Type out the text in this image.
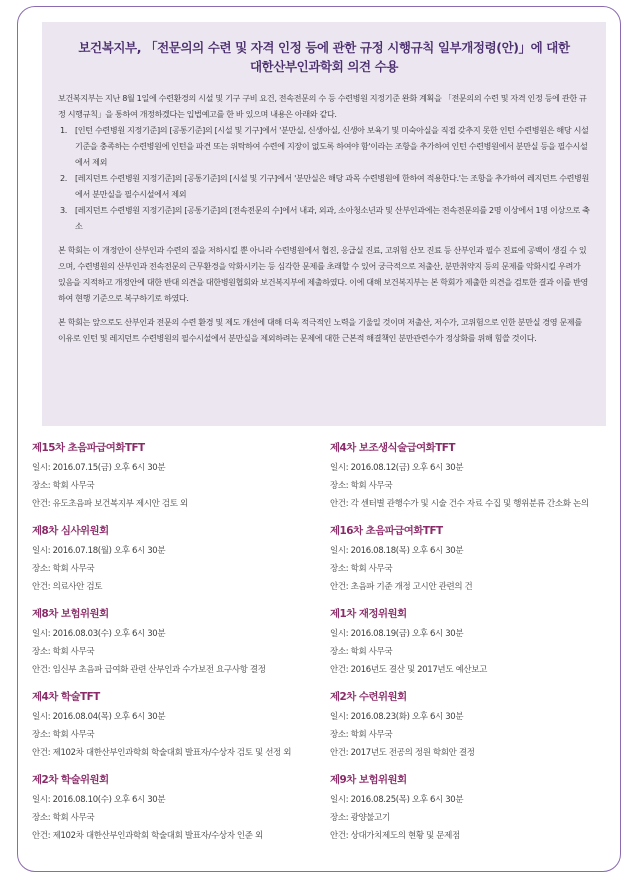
보건복지부, 「전문의의 수련 및 자격 인정 등에 관한 규정 시행규칙 일부개정령(안)」에 대한
대한산부인과학회 의견 수용

보건복지부는 지난 8월 1일에 수련환경의 시설 및 기구 구비 요건, 전속전문의 수 등 수련병원 지정기준 완화 계획을 「전문의의 수련 및 자격 인정 등에 관한 규정 시행규칙」을 통하여 개정하겠다는 입법예고를 한 바 있으며 내용은 아래와 같다.

1. [인턴 수련병원 지정기준]의 [공통기준]의 [시설 및 기구]에서 '분만실, 신생아실, 신생아 보육기 및 미숙아실을 직접 갖추지 못한 인턴 수련병원은 해당 시설기준을 충족하는 수련병원에 인턴을 파견 또는 위탁하여 수련에 지장이 없도록 하여야 함'이라는 조항을 추가하여 인턴 수련병원에서 분만실 등을 필수시설에서 제외
2. [레지던트 수련병원 지정기준]의 [공통기준]의 [시설 및 기구]에서 '분만실은 해당 과목 수련병원에 한하여 적용한다.'는 조항을 추가하여 레지던트 수련병원에서 분만실을 필수시설에서 제외
3. [레지던트 수련병원 지정기준]의 [공통기준]의 [전속전문의 수]에서 내과, 외과, 소아청소년과 및 산부인과에는 전속전문의를 2명 이상에서 1명 이상으로 축소

본 학회는 이 개정안이 산부인과 수련의 질을 저하시킬 뿐 아니라 수련병원에서 협진, 응급실 진료, 고위험 산모 진료 등 산부인과 필수 진료에 공백이 생길 수 있으며, 수련병원의 산부인과 전속전문의 근무환경을 악화시키는 등 심각한 문제를 초래할 수 있어 궁극적으로 저출산, 분만취약지 등의 문제를 악화시킬 우려가 있음을 지적하고 개정안에 대한 반대 의견을 대한병원협회와 보건복지부에 제출하였다. 이에 대해 보건복지부는 본 학회가 제출한 의견을 검토한 결과 이를 반영하여 현행 기준으로 복구하기로 하였다.

본 학회는 앞으로도 산부인과 전문의 수련 환경 및 제도 개선에 대해 더욱 적극적인 노력을 기울일 것이며 저출산, 저수가, 고위험으로 인한 분만실 경영 문제를 이유로 인턴 및 레지던트 수련병원의 필수시설에서 분만실을 제외하려는 문제에 대한 근본적 해결책인 분만관련수가 정상화를 위해 힘쓸 것이다.

제15차 초음파급여화TFT
일시: 2016.07.15(금) 오후 6시 30분
장소: 학회 사무국
안건: 유도초음파 보건복지부 제시안 검토 외
제8차 심사위원회
일시: 2016.07.18(월) 오후 6시 30분
장소: 학회 사무국
안건: 의료사안 검토
제8차 보험위원회
일시: 2016.08.03(수) 오후 6시 30분
장소: 학회 사무국
안건: 임신부 초음파 급여화 관련 산부인과 수가보전 요구사항 결정
제4차 학술TFT
일시: 2016.08.04(목) 오후 6시 30분
장소: 학회 사무국
안건: 제102차 대한산부인과학회 학술대회 발표자/수상자 검토 및 선정 외
제2차 학술위원회
일시: 2016.08.10(수) 오후 6시 30분
장소: 학회 사무국
안건: 제102차 대한산부인과학회 학술대회 발표자/수상자 인준 외
제4차 보조생식술급여화TFT
일시: 2016.08.12(금) 오후 6시 30분
장소: 학회 사무국
안건: 각 센터별 관행수가 및 시술 건수 자료 수집 및 행위분류 간소화 논의
제16차 초음파급여화TFT
일시: 2016.08.18(목) 오후 6시 30분
장소: 학회 사무국
안건: 초음파 기준 개정 고시안 관련의 건
제1차 재정위원회
일시: 2016.08.19(금) 오후 6시 30분
장소: 학회 사무국
안건: 2016년도 결산 및 2017년도 예산보고
제2차 수련위원회
일시: 2016.08.23(화) 오후 6시 30분
장소: 학회 사무국
안건: 2017년도 전공의 정원 학회안 결정
제9차 보험위원회
일시: 2016.08.25(목) 오후 6시 30분
장소: 광양불고기
안건: 상대가치제도의 현황 및 문제점
